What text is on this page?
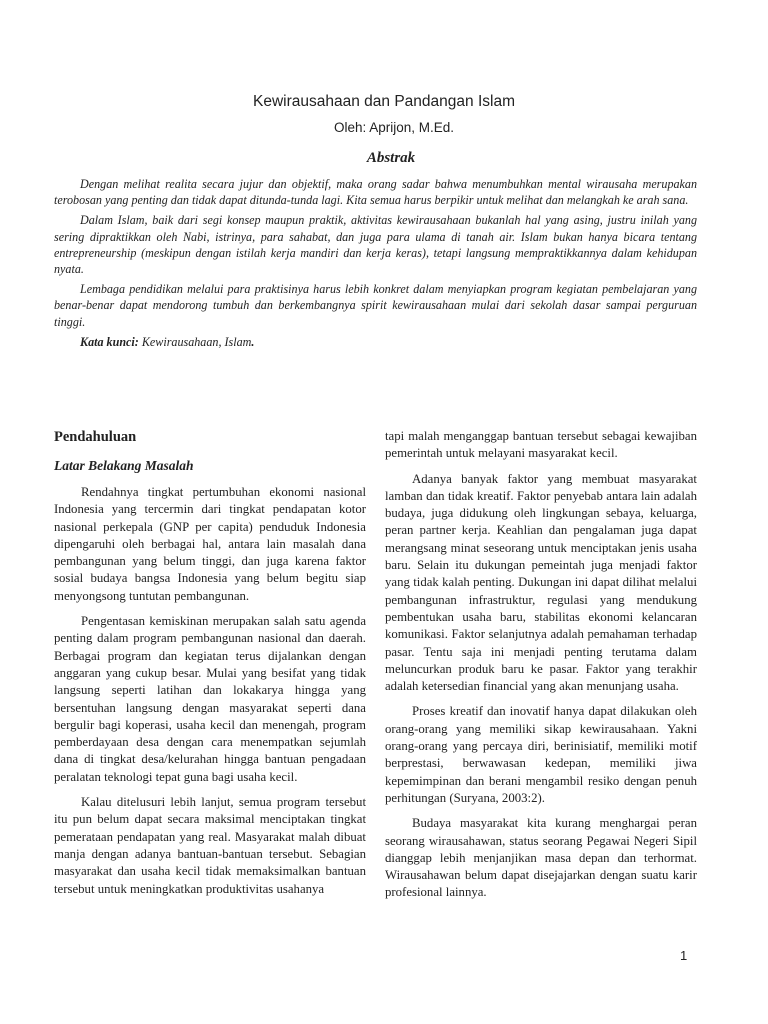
Kewirausahaan dan Pandangan Islam
Oleh: Aprijon, M.Ed.
Abstrak

Dengan melihat realita secara jujur dan objektif, maka orang sadar bahwa menumbuhkan mental wirausaha merupakan terobosan yang penting dan tidak dapat ditunda-tunda lagi. Kita semua harus berpikir untuk melihat dan melangkah ke arah sana.

Dalam Islam, baik dari segi konsep maupun praktik, aktivitas kewirausahaan bukanlah hal yang asing, justru inilah yang sering dipraktikkan oleh Nabi, istrinya, para sahabat, dan juga para ulama di tanah air. Islam bukan hanya bicara tentang entrepreneurship (meskipun dengan istilah kerja mandiri dan kerja keras), tetapi langsung mempraktikkannya dalam kehidupan nyata.

Lembaga pendidikan melalui para praktisinya harus lebih konkret dalam menyiapkan program kegiatan pembelajaran yang benar-benar dapat mendorong tumbuh dan berkembangnya spirit kewirausahaan mulai dari sekolah dasar sampai perguruan tinggi.

Kata kunci: Kewirausahaan, Islam.

Pendahuluan
Latar Belakang Masalah

Rendahnya tingkat pertumbuhan ekonomi nasional Indonesia yang tercermin dari tingkat pendapatan kotor nasional perkepala (GNP per capita) penduduk Indonesia dipengaruhi oleh berbagai hal, antara lain masalah dana pembangunan yang belum tinggi, dan juga karena faktor sosial budaya bangsa Indonesia yang belum begitu siap menyongsong tuntutan pembangunan.

Pengentasan kemiskinan merupakan salah satu agenda penting dalam program pembangunan nasional dan daerah. Berbagai program dan kegiatan terus dijalankan dengan anggaran yang cukup besar. Mulai yang besifat yang tidak langsung seperti latihan dan lokakarya hingga yang bersentuhan langsung dengan masyarakat seperti dana bergulir bagi koperasi, usaha kecil dan menengah, program pemberdayaan desa dengan cara menempatkan sejumlah dana di tingkat desa/kelurahan hingga bantuan pengadaan peralatan teknologi tepat guna bagi usaha kecil.

Kalau ditelusuri lebih lanjut, semua program tersebut itu pun belum dapat secara maksimal menciptakan tingkat pemerataan pendapatan yang real. Masyarakat malah dibuat manja dengan adanya bantuan-bantuan tersebut. Sebagian masyarakat dan usaha kecil tidak memaksimalkan bantuan tersebut untuk meningkatkan produktivitas usahanya

tapi malah menganggap bantuan tersebut sebagai kewajiban pemerintah untuk melayani masyarakat kecil.

Adanya banyak faktor yang membuat masyarakat lamban dan tidak kreatif. Faktor penyebab antara lain adalah budaya, juga didukung oleh lingkungan sebaya, keluarga, peran partner kerja. Keahlian dan pengalaman juga dapat merangsang minat seseorang untuk menciptakan jenis usaha baru. Selain itu dukungan pemeintah juga menjadi faktor yang tidak kalah penting. Dukungan ini dapat dilihat melalui pembangunan infrastruktur, regulasi yang mendukung pembentukan usaha baru, stabilitas ekonomi kelancaran komunikasi. Faktor selanjutnya adalah pemahaman terhadap pasar. Tentu saja ini menjadi penting terutama dalam meluncurkan produk baru ke pasar. Faktor yang terakhir adalah ketersedian financial yang akan menunjang usaha.

Proses kreatif dan inovatif hanya dapat dilakukan oleh orang-orang yang memiliki sikap kewirausahaan. Yakni orang-orang yang percaya diri, berinisiatif, memiliki motif berprestasi, berwawasan kedepan, memiliki jiwa kepemimpinan dan berani mengambil resiko dengan penuh perhitungan (Suryana, 2003:2).

Budaya masyarakat kita kurang menghargai peran seorang wirausahawan, status seorang Pegawai Negeri Sipil dianggap lebih menjanjikan masa depan dan terhormat. Wirausahawan belum dapat disejajarkan dengan suatu karir profesional lainnya.

1
